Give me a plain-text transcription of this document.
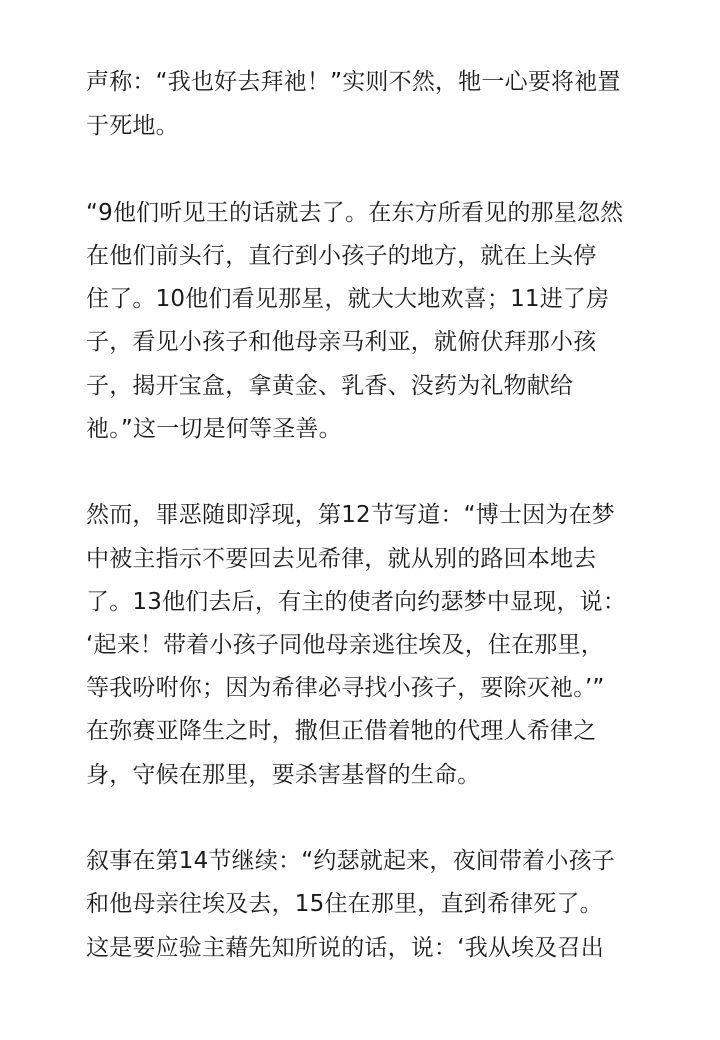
声称：“我也好去拜祂！”实则不然，牠一心要将祂置
于死地。
“9他们听见王的话就去了。在东方所看见的那星忽然
在他们前头行，直行到小孩子的地方，就在上头停
住了。10他们看见那星，就大大地欢喜；11进了房
子，看见小孩子和他母亲马利亚，就俯伏拜那小孩
子，揭开宝盒，拿黄金、乳香、没药为礼物献给
祂。”这一切是何等圣善。
然而，罪恶随即浮现，第12节写道：“博士因为在梦
中被主指示不要回去见希律，就从别的路回本地去
了。13他们去后，有主的使者向约瑟梦中显现，说：
‘起来！带着小孩子同他母亲逃往埃及，住在那里，
等我吩咐你；因为希律必寻找小孩子，要除灭祂。’”
在弥赛亚降生之时，撒但正借着牠的代理人希律之
身，守候在那里，要杀害基督的生命。
叙事在第14节继续：“约瑟就起来，夜间带着小孩子
和他母亲往埃及去，15住在那里，直到希律死了。
这是要应验主藉先知所说的话，说：‘我从埃及召出
